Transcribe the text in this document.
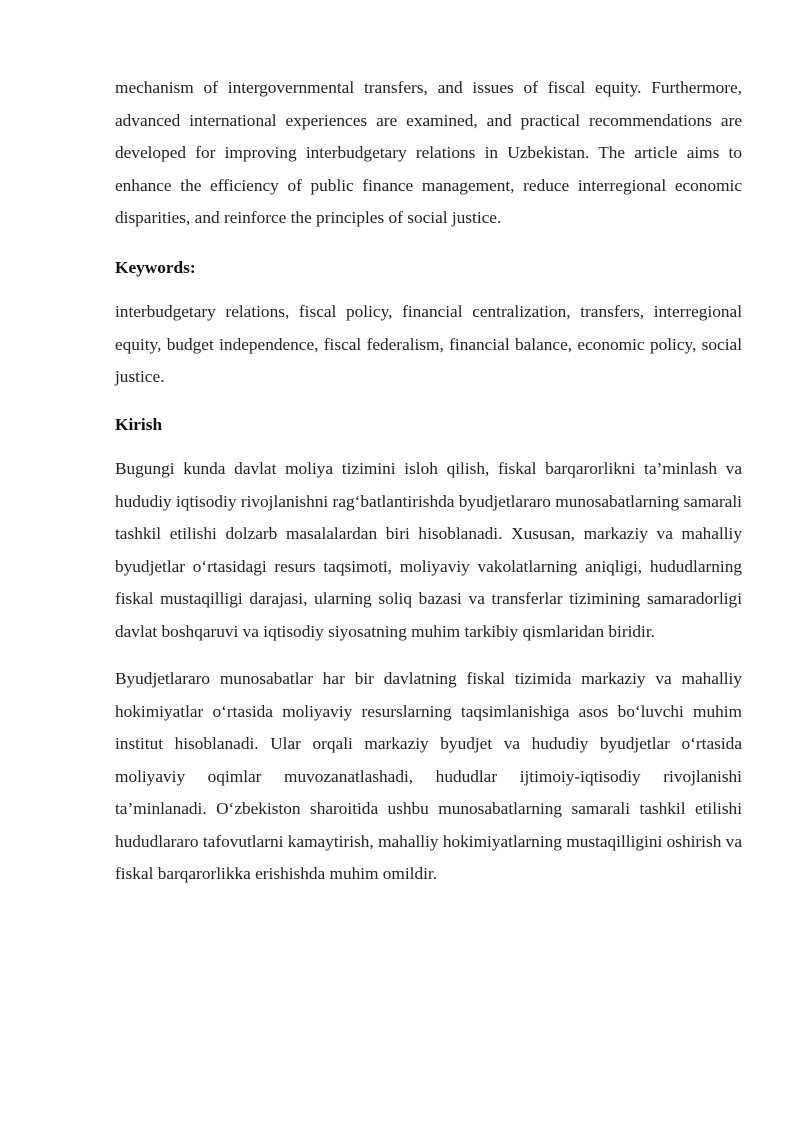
mechanism of intergovernmental transfers, and issues of fiscal equity. Furthermore, advanced international experiences are examined, and practical recommendations are developed for improving interbudgetary relations in Uzbekistan. The article aims to enhance the efficiency of public finance management, reduce interregional economic disparities, and reinforce the principles of social justice.

Keywords:

interbudgetary relations, fiscal policy, financial centralization, transfers, interregional equity, budget independence, fiscal federalism, financial balance, economic policy, social justice.

Kirish

Bugungi kunda davlat moliya tizimini isloh qilish, fiskal barqarorlikni ta’minlash va hududiy iqtisodiy rivojlanishni rag‘batlantirishda byudjetlararo munosabatlarning samarali tashkil etilishi dolzarb masalalardan biri hisoblanadi. Xususan, markaziy va mahalliy byudjetlar o‘rtasidagi resurs taqsimoti, moliyaviy vakolatlarning aniqligi, hududlarning fiskal mustaqilligi darajasi, ularning soliq bazasi va transferlar tizimining samaradorligi davlat boshqaruvi va iqtisodiy siyosatning muhim tarkibiy qismlaridan biridir.

Byudjetlararo munosabatlar har bir davlatning fiskal tizimida markaziy va mahalliy hokimiyatlar o‘rtasida moliyaviy resurslarning taqsimlanishiga asos bo‘luvchi muhim institut hisoblanadi. Ular orqali markaziy byudjet va hududiy byudjetlar o‘rtasida moliyaviy oqimlar muvozanatlashadi, hududlar ijtimoiy-iqtisodiy rivojlanishi ta’minlanadi. O‘zbekiston sharoitida ushbu munosabatlarning samarali tashkil etilishi hududlararo tafovutlarni kamaytirish, mahalliy hokimiyatlarning mustaqilligini oshirish va fiskal barqarorlikka erishishda muhim omildir.
